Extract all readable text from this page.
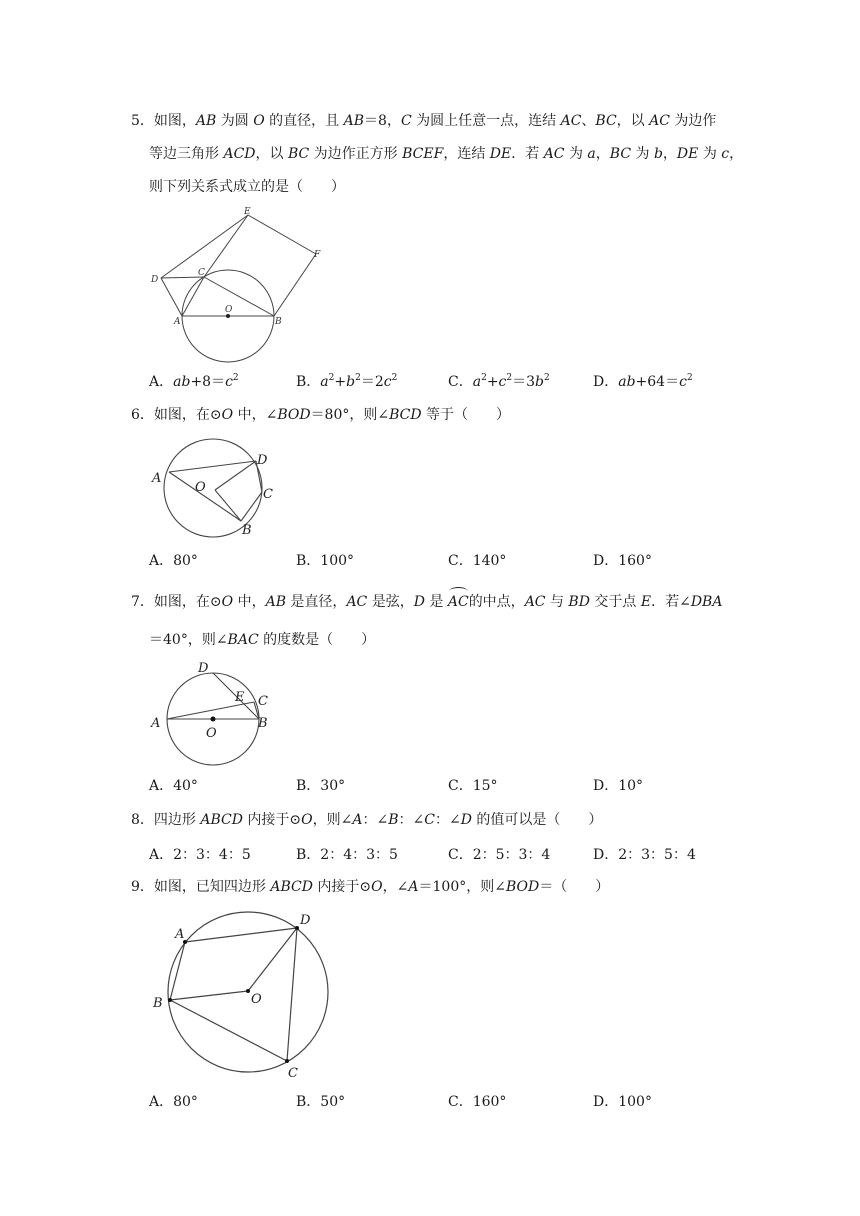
5．如图，AB 为圆 O 的直径，且 AB＝8，C 为圆上任意一点，连结 AC、BC，以 AC 为边作
等边三角形 ACD，以 BC 为边作正方形 BCEF，连结 DE．若 AC 为 a，BC 为 b，DE 为 c，
则下列关系式成立的是（　　）
A	B
C
D
E
F
O
A．$ab+8=c^2$	B．$a^2+b^2=2c^2$	C．$a^2+c^2=3b^2$	D．$ab+64=c^2$
6．如图，在⊙O 中，∠BOD＝80°，则∠BCD 等于（　　）
A
D
C
B
O
A．80°	B．100°	C．140°	D．160°
7．如图，在⊙O 中，AB 是直径，AC 是弦，D 是 AC的中点，AC 与 BD 交于点 E．若∠DBA
＝40°，则∠BAC 的度数是（　　）
A	B
C
D
E
O
A．40°	B．30°	C．15°	D．10°
8．四边形 ABCD 内接于⊙O，则∠A：∠B：∠C：∠D 的值可以是（　　）
A．2：3：4：5	B．2：4：3：5	C．2：5：3：4	D．2：3：5：4
9．如图，已知四边形 ABCD 内接于⊙O，∠A＝100°，则∠BOD＝（　　）
A
D
B
C
O
A．80°	B．50°	C．160°	D．100°
